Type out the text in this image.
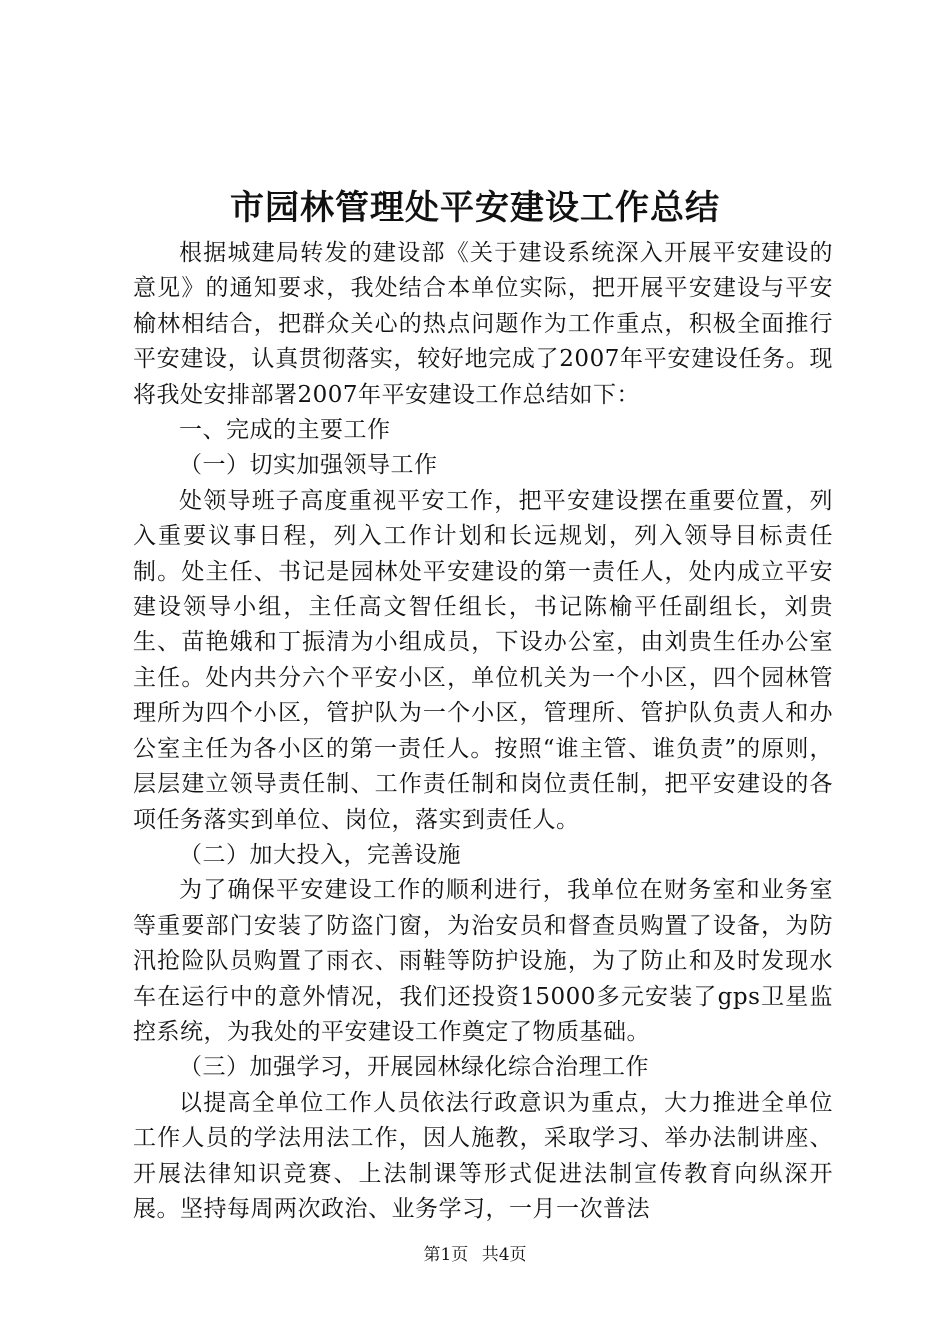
市园林管理处平安建设工作总结

根据城建局转发的建设部《关于建设系统深入开展平安建设的意见》的通知要求，我处结合本单位实际，把开展平安建设与平安榆林相结合，把群众关心的热点问题作为工作重点，积极全面推行平安建设，认真贯彻落实，较好地完成了2007年平安建设任务。现将我处安排部署2007年平安建设工作总结如下：

一、完成的主要工作

（一）切实加强领导工作

处领导班子高度重视平安工作，把平安建设摆在重要位置，列入重要议事日程，列入工作计划和长远规划，列入领导目标责任制。处主任、书记是园林处平安建设的第一责任人，处内成立平安建设领导小组，主任高文智任组长，书记陈榆平任副组长，刘贵生、苗艳娥和丁振清为小组成员，下设办公室，由刘贵生任办公室主任。处内共分六个平安小区，单位机关为一个小区，四个园林管理所为四个小区，管护队为一个小区，管理所、管护队负责人和办公室主任为各小区的第一责任人。按照“谁主管、谁负责”的原则，层层建立领导责任制、工作责任制和岗位责任制，把平安建设的各项任务落实到单位、岗位，落实到责任人。

（二）加大投入，完善设施

为了确保平安建设工作的顺利进行，我单位在财务室和业务室等重要部门安装了防盗门窗，为治安员和督查员购置了设备，为防汛抢险队员购置了雨衣、雨鞋等防护设施，为了防止和及时发现水车在运行中的意外情况，我们还投资15000多元安装了gps卫星监控系统，为我处的平安建设工作奠定了物质基础。

（三）加强学习，开展园林绿化综合治理工作

以提高全单位工作人员依法行政意识为重点，大力推进全单位工作人员的学法用法工作，因人施教，采取学习、举办法制讲座、开展法律知识竞赛、上法制课等形式促进法制宣传教育向纵深开展。坚持每周两次政治、业务学习，一月一次普法

第1页 共4页
